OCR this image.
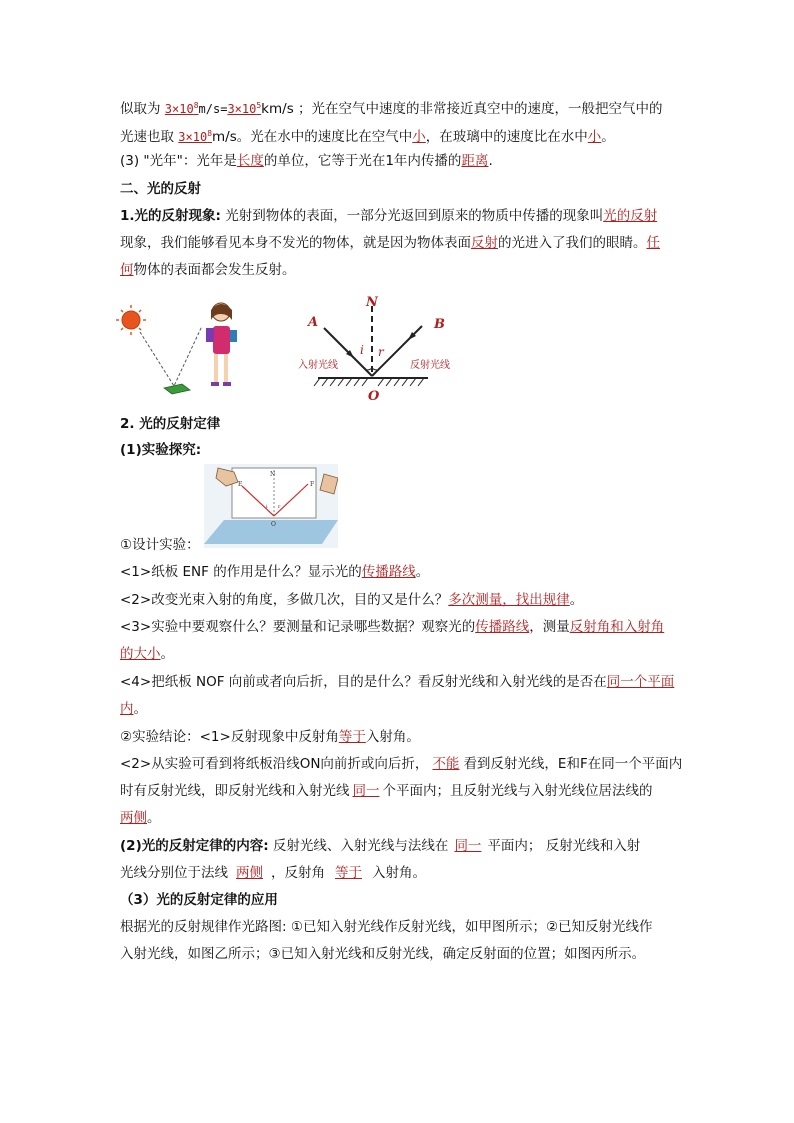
似取为 $3\times 10^8m/s=3\times 10^5km/s$ ；光在空气中速度的非常接近真空中的速度，一般把空气中的
光速也取 $3\times 10^8m/s$。光在水中的速度比在空气中小，在玻璃中的速度比在水中小。
(3) "光年"：光年是长度的单位，它等于光在1年内传播的距离.
二、光的反射
1.光的反射现象: 光射到物体的表面，一部分光返回到原来的物质中传播的现象叫光的反射
现象，我们能够看见本身不发光的物体，就是因为物体表面反射的光进入了我们的眼睛。任
何物体的表面都会发生反射。
N
A	B
i r
O
入射光线	反射光线
2. 光的反射定律
(1)实验探究:
N
E	F
O
i r
①设计实验：
<1>纸板 ENF 的作用是什么？显示光的传播路线。
<2>改变光束入射的角度，多做几次，目的又是什么？多次测量，找出规律。
<3>实验中要观察什么？要测量和记录哪些数据？观察光的传播路线，测量反射角和入射角
的大小。
<4>把纸板 NOF 向前或者向后折，目的是什么？看反射光线和入射光线的是否在同一个平面
内。
②实验结论：<1>反射现象中反射角等于入射角。
<2>从实验可看到将纸板沿线ON向前折或向后折， 不能 看到反射光线，E和F在同一个平面内
时有反射光线，即反射光线和入射光线 同一 个平面内；且反射光线与入射光线位居法线的
两侧。
(2)光的反射定律的内容: 反射光线、入射光线与法线在 同一 平面内； 反射光线和入射
光线分别位于法线 两侧 ，反射角 等于 入射角。
（3）光的反射定律的应用
根据光的反射规律作光路图: ①已知入射光线作反射光线，如甲图所示；②已知反射光线作
入射光线，如图乙所示；③已知入射光线和反射光线，确定反射面的位置；如图丙所示。
